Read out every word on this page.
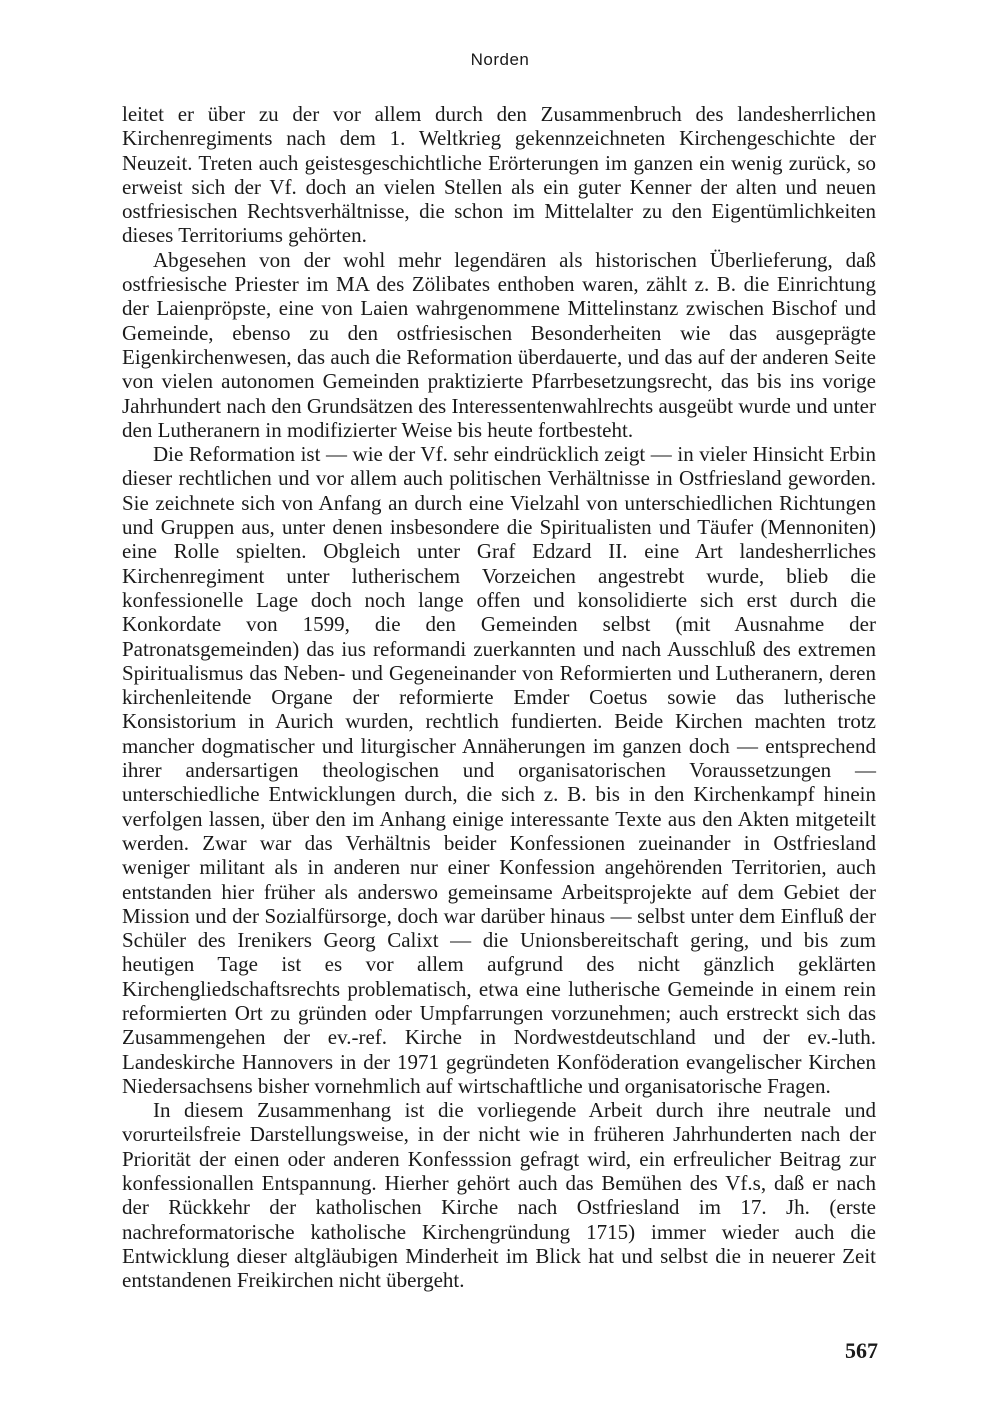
Norden

leitet er über zu der vor allem durch den Zusammenbruch des landesherrlichen Kirchenregiments nach dem 1. Weltkrieg gekennzeichneten Kirchengeschichte der Neuzeit. Treten auch geistesgeschichtliche Erörterungen im ganzen ein wenig zurück, so erweist sich der Vf. doch an vielen Stellen als ein guter Kenner der alten und neuen ostfriesischen Rechtsverhältnisse, die schon im Mittelalter zu den Eigentümlichkeiten dieses Territoriums gehörten.

Abgesehen von der wohl mehr legendären als historischen Überlieferung, daß ostfriesische Priester im MA des Zölibates enthoben waren, zählt z. B. die Einrichtung der Laienpröpste, eine von Laien wahrgenommene Mittelinstanz zwischen Bischof und Gemeinde, ebenso zu den ostfriesischen Besonderheiten wie das ausgeprägte Eigenkirchenwesen, das auch die Reformation überdauerte, und das auf der anderen Seite von vielen autonomen Gemeinden praktizierte Pfarrbesetzungsrecht, das bis ins vorige Jahrhundert nach den Grundsätzen des Interessentenwahlrechts ausgeübt wurde und unter den Lutheranern in modifizierter Weise bis heute fortbesteht.

Die Reformation ist — wie der Vf. sehr eindrücklich zeigt — in vieler Hinsicht Erbin dieser rechtlichen und vor allem auch politischen Verhältnisse in Ostfriesland geworden. Sie zeichnete sich von Anfang an durch eine Vielzahl von unterschiedlichen Richtungen und Gruppen aus, unter denen insbesondere die Spiritualisten und Täufer (Mennoniten) eine Rolle spielten. Obgleich unter Graf Edzard II. eine Art landesherrliches Kirchenregiment unter lutherischem Vorzeichen angestrebt wurde, blieb die konfessionelle Lage doch noch lange offen und konsolidierte sich erst durch die Konkordate von 1599, die den Gemeinden selbst (mit Ausnahme der Patronatsgemeinden) das ius reformandi zuerkannten und nach Ausschluß des extremen Spiritualismus das Neben- und Gegeneinander von Reformierten und Lutheranern, deren kirchenleitende Organe der reformierte Emder Coetus sowie das lutherische Konsistorium in Aurich wurden, rechtlich fundierten. Beide Kirchen machten trotz mancher dogmatischer und liturgischer Annäherungen im ganzen doch — entsprechend ihrer andersartigen theologischen und organisatorischen Voraussetzungen — unterschiedliche Entwicklungen durch, die sich z. B. bis in den Kirchenkampf hinein verfolgen lassen, über den im Anhang einige interessante Texte aus den Akten mitgeteilt werden. Zwar war das Verhältnis beider Konfessionen zueinander in Ostfriesland weniger militant als in anderen nur einer Konfession angehörenden Territorien, auch entstanden hier früher als anderswo gemeinsame Arbeitsprojekte auf dem Gebiet der Mission und der Sozialfürsorge, doch war darüber hinaus — selbst unter dem Einfluß der Schüler des Irenikers Georg Calixt — die Unionsbereitschaft gering, und bis zum heutigen Tage ist es vor allem aufgrund des nicht gänzlich geklärten Kirchengliedschaftsrechts problematisch, etwa eine lutherische Gemeinde in einem rein reformierten Ort zu gründen oder Umpfarrungen vorzunehmen; auch erstreckt sich das Zusammengehen der ev.-ref. Kirche in Nordwestdeutschland und der ev.-luth. Landeskirche Hannovers in der 1971 gegründeten Konföderation evangelischer Kirchen Niedersachsens bisher vornehmlich auf wirtschaftliche und organisatorische Fragen.

In diesem Zusammenhang ist die vorliegende Arbeit durch ihre neutrale und vorurteilsfreie Darstellungsweise, in der nicht wie in früheren Jahrhunderten nach der Priorität der einen oder anderen Konfesssion gefragt wird, ein erfreulicher Beitrag zur konfessionallen Entspannung. Hierher gehört auch das Bemühen des Vf.s, daß er nach der Rückkehr der katholischen Kirche nach Ostfriesland im 17. Jh. (erste nachreformatorische katholische Kirchengründung 1715) immer wieder auch die Entwicklung dieser altgläubigen Minderheit im Blick hat und selbst die in neuerer Zeit entstandenen Freikirchen nicht übergeht.

567
